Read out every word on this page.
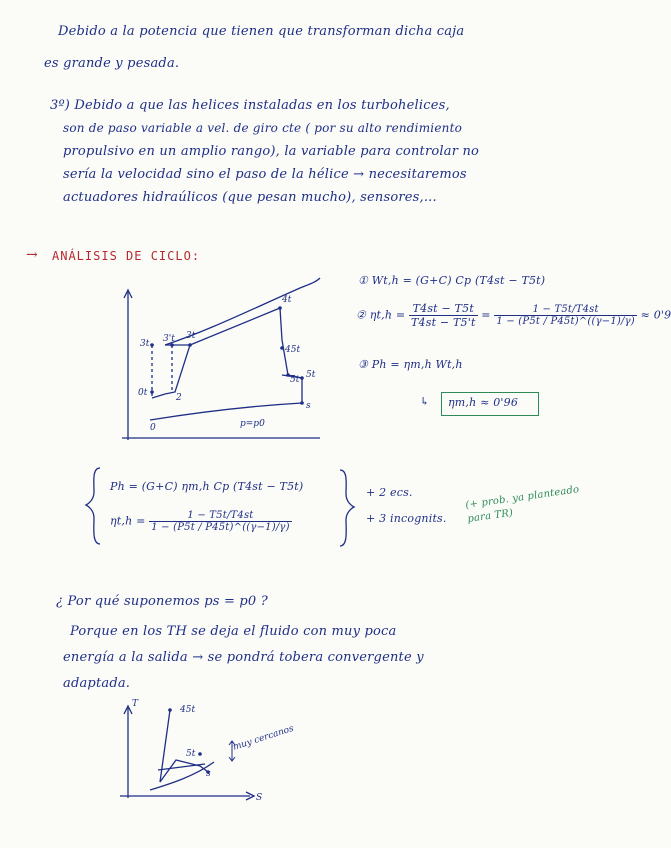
Debido a la potencia que tienen que transforman dicha caja
es grande y pesada.
3º) Debido a que las helices instaladas en los turbohelices,
son de paso variable a vel. de giro cte ( por su alto rendimiento
propulsivo en un amplio rango), la variable para controlar no
sería la velocidad sino el paso de la hélice → necesitaremos
actuadores hidraúlicos (que pesan mucho), sensores,...
→ ANÁLISIS DE CICLO:
3t 3't 3t
4t
45t
5t 5t
0t	2
0
s
p=p0
T
S
45t
5t
s
muy cercanos
① Wt,h = (G+C) Cp (T4st − T5t)
② $\eta t,h = \frac{T4st - T5t}{T4st - T5't} = \frac{1 - T5t/T4st}{1 - (P5t / P45t)\^{}((\gamma-1)/\gamma)} \approx 0'9$
③ Ph = ηm,h Wt,h
↳ ηm,h ≈ 0'96
Ph = (G+C) ηm,h Cp (T4st − T5t)
$\eta t,h = \frac{1 - T5t/T4st}{1 - (P5t / P45t)\^{}((\gamma-1)/\gamma)}$
+ 2 ecs.
+ 3 incognits.
(+ prob. ya planteado para TR)
¿ Por qué suponemos ps = p0 ?
Porque en los TH se deja el fluido con muy poca
energía a la salida → se pondrá tobera convergente y
adaptada.
